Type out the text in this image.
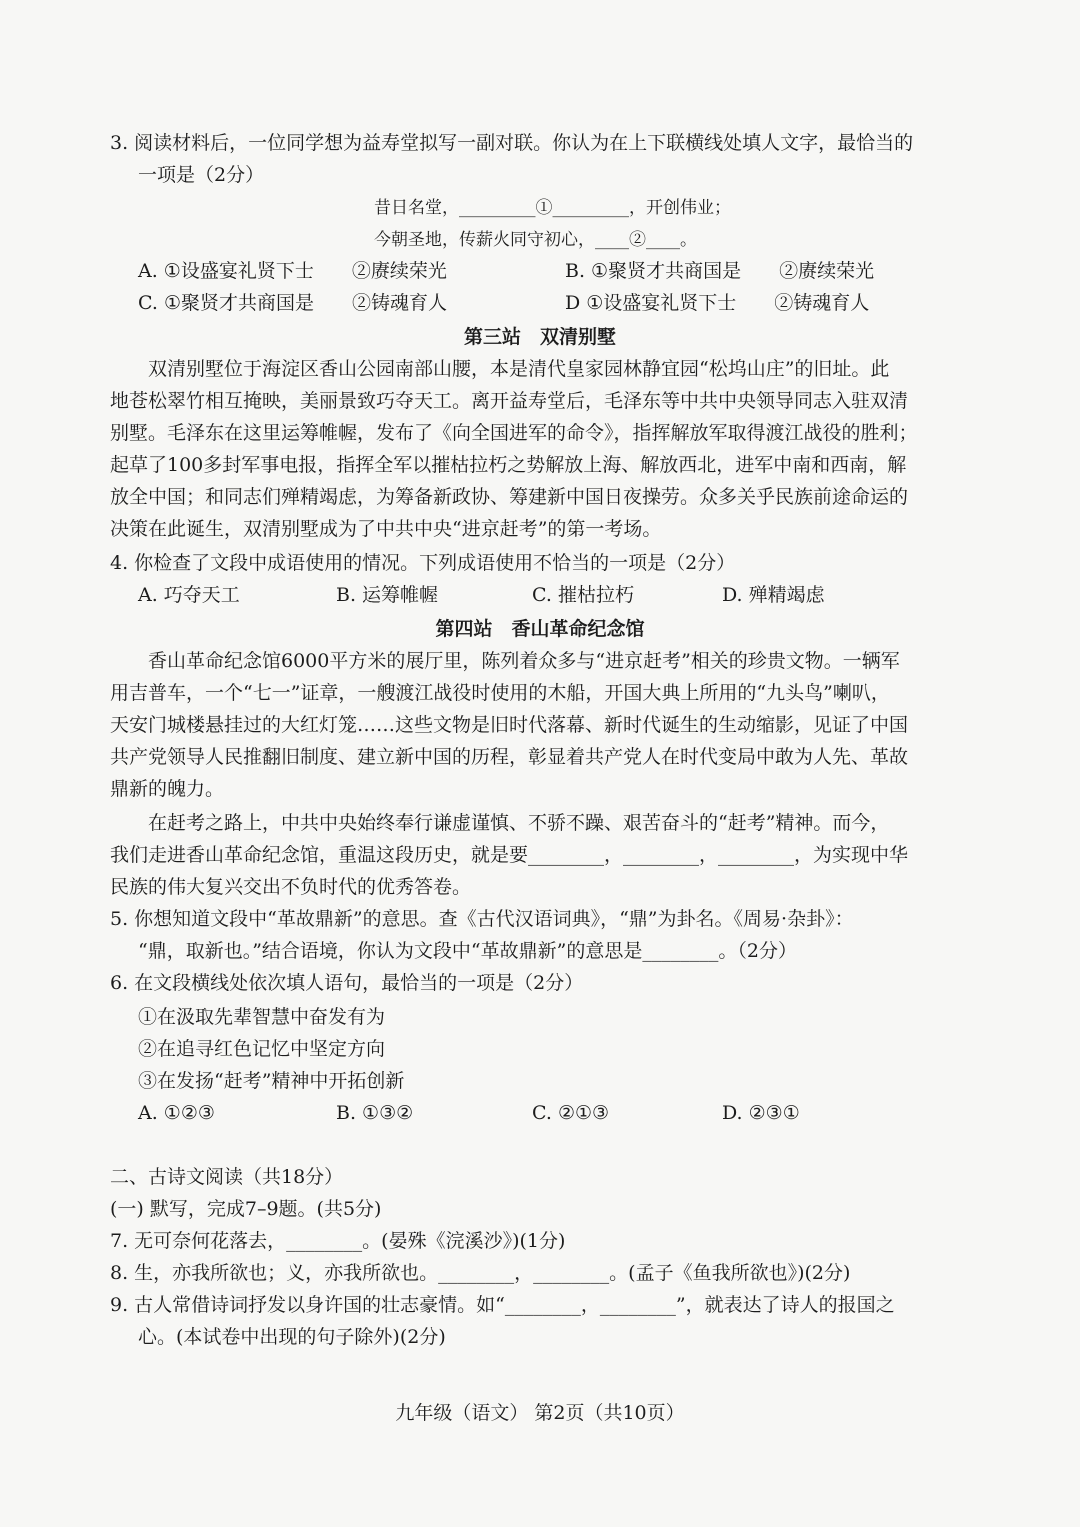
3. 阅读材料后，一位同学想为益寿堂拟写一副对联。你认为在上下联横线处填人文字，最恰当的
一项是（2分）
昔日名堂，_________①_________，开创伟业；
今朝圣地，传薪火同守初心，____②____。
A. ①设盛宴礼贤下士　　②赓续荣光	B. ①聚贤才共商国是　　②赓续荣光
C. ①聚贤才共商国是　　②铸魂育人	D ①设盛宴礼贤下士　　②铸魂育人
第三站　双清别墅
双清别墅位于海淀区香山公园南部山腰，本是清代皇家园林静宜园“松坞山庄”的旧址。此
地苍松翠竹相互掩映，美丽景致巧夺天工。离开益寿堂后，毛泽东等中共中央领导同志入驻双清
别墅。毛泽东在这里运筹帷幄，发布了《向全国进军的命令》，指挥解放军取得渡江战役的胜利；
起草了100多封军事电报，指挥全军以摧枯拉朽之势解放上海、解放西北，进军中南和西南，解
放全中国；和同志们殚精竭虑，为筹备新政协、筹建新中国日夜操劳。众多关乎民族前途命运的
决策在此诞生，双清别墅成为了中共中央“进京赶考”的第一考场。
4. 你检查了文段中成语使用的情况。下列成语使用不恰当的一项是（2分）
A. 巧夺天工	B. 运筹帷幄	C. 摧枯拉朽	D. 殚精竭虑
第四站　香山革命纪念馆
香山革命纪念馆6000平方米的展厅里，陈列着众多与“进京赶考”相关的珍贵文物。一辆军
用吉普车，一个“七一”证章，一艘渡江战役时使用的木船，开国大典上所用的“九头鸟”喇叭，
天安门城楼悬挂过的大红灯笼……这些文物是旧时代落幕、新时代诞生的生动缩影，见证了中国
共产党领导人民推翻旧制度、建立新中国的历程，彰显着共产党人在时代变局中敢为人先、革故
鼎新的魄力。
在赶考之路上，中共中央始终奉行谦虚谨慎、不骄不躁、艰苦奋斗的“赶考”精神。而今，
我们走进香山革命纪念馆，重温这段历史，就是要________，________，________，为实现中华
民族的伟大复兴交出不负时代的优秀答卷。
5. 你想知道文段中“革故鼎新”的意思。查《古代汉语词典》，“鼎”为卦名。《周易·杂卦》：
“鼎，取新也。”结合语境，你认为文段中“革故鼎新”的意思是________。（2分）
6. 在文段横线处依次填人语句，最恰当的一项是（2分）
①在汲取先辈智慧中奋发有为
②在追寻红色记忆中坚定方向
③在发扬“赶考”精神中开拓创新
A. ①②③	B. ①③②	C. ②①③	D. ②③①
二、古诗文阅读（共18分）
(一) 默写，完成7–9题。(共5分)
7. 无可奈何花落去，________。(晏殊《浣溪沙》)(1分)
8. 生，亦我所欲也；义，亦我所欲也。________，________。(孟子《鱼我所欲也》)(2分)
9. 古人常借诗词抒发以身许国的壮志豪情。如“________，________”，就表达了诗人的报国之
心。(本试卷中出现的句子除外)(2分)
九年级（语文） 第2页（共10页）
